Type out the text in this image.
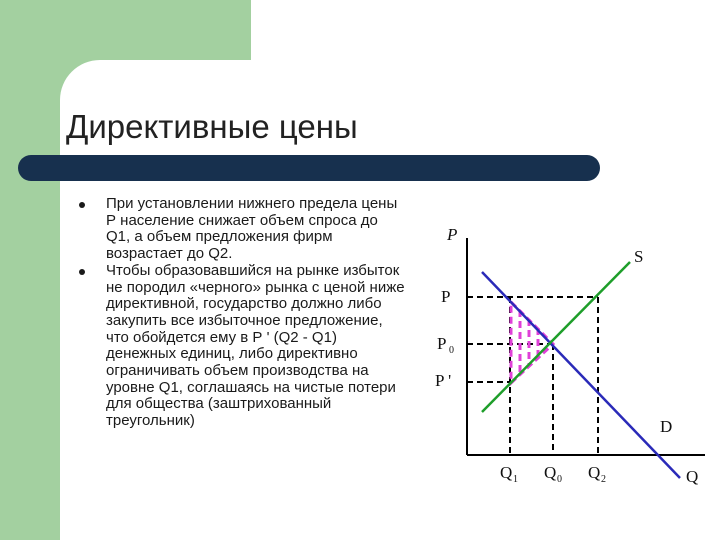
Директивные цены
При установлении нижнего предела цены Р население снижает объем спроса до Q1, а объем предложения фирм возрастает до Q2.
Чтобы образовавшийся на рынке избыток не породил «черного» рынка с ценой ниже директивной, государство должно либо закупить все избыточное предложение, что обойдется ему в Р ' (Q2 - Q1) денежных единиц, либо директивно ограничивать объем производства на уровне Q1, соглашаясь на чистые потери для общества (заштрихованный треугольник)
P
Q
S
D
P
P 0
P '
Q 1 Q 0 Q 2
